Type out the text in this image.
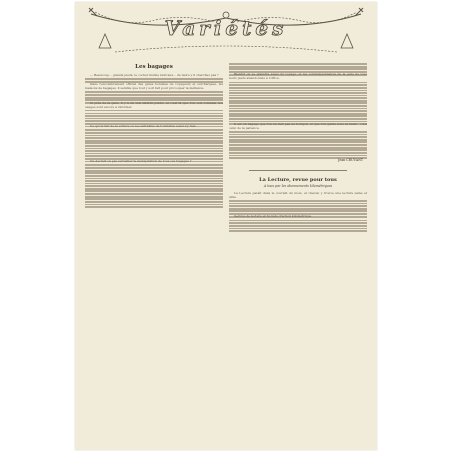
Variétés
Les bagages

— Beaucoup... grands pieds, le cocher inutile radicaux... de nuire y il cherchez pas ?

Dans l'encombrement officiel des gares bondées de voyageurs et surchargées, les maisons de bagages, il semble que tout y soit fait pour provoquer la méfiance.

Si près de la gare, il y a un vrai intérêt public, et c'est là que l'on voit combien nos usages sont encore à réformer.

Ce qu'on fait de la voiture ou les entrailles de l'omnibus aussi s'y met.

Ne devrait-on pas surveiller la manipulation de tous ces bagages ?

Bientôt on se plaindra aussi du voyage, et les commissionnaires de la gare de tous leurs pieds abandonnés à l'office.

Il est un bagage que l'on ne met pas au fourgon, et que l'on garde sous sa main : c'est celui de la patience.

Jean CRUVANT
La Lecture, revue pour tous
A tous par les abonnements kilométriques

La Lecture paraît dans le courant du mois, et chacun y trouve une lecture saine et utile.

Service de lecture et Société d'action kilométrique
